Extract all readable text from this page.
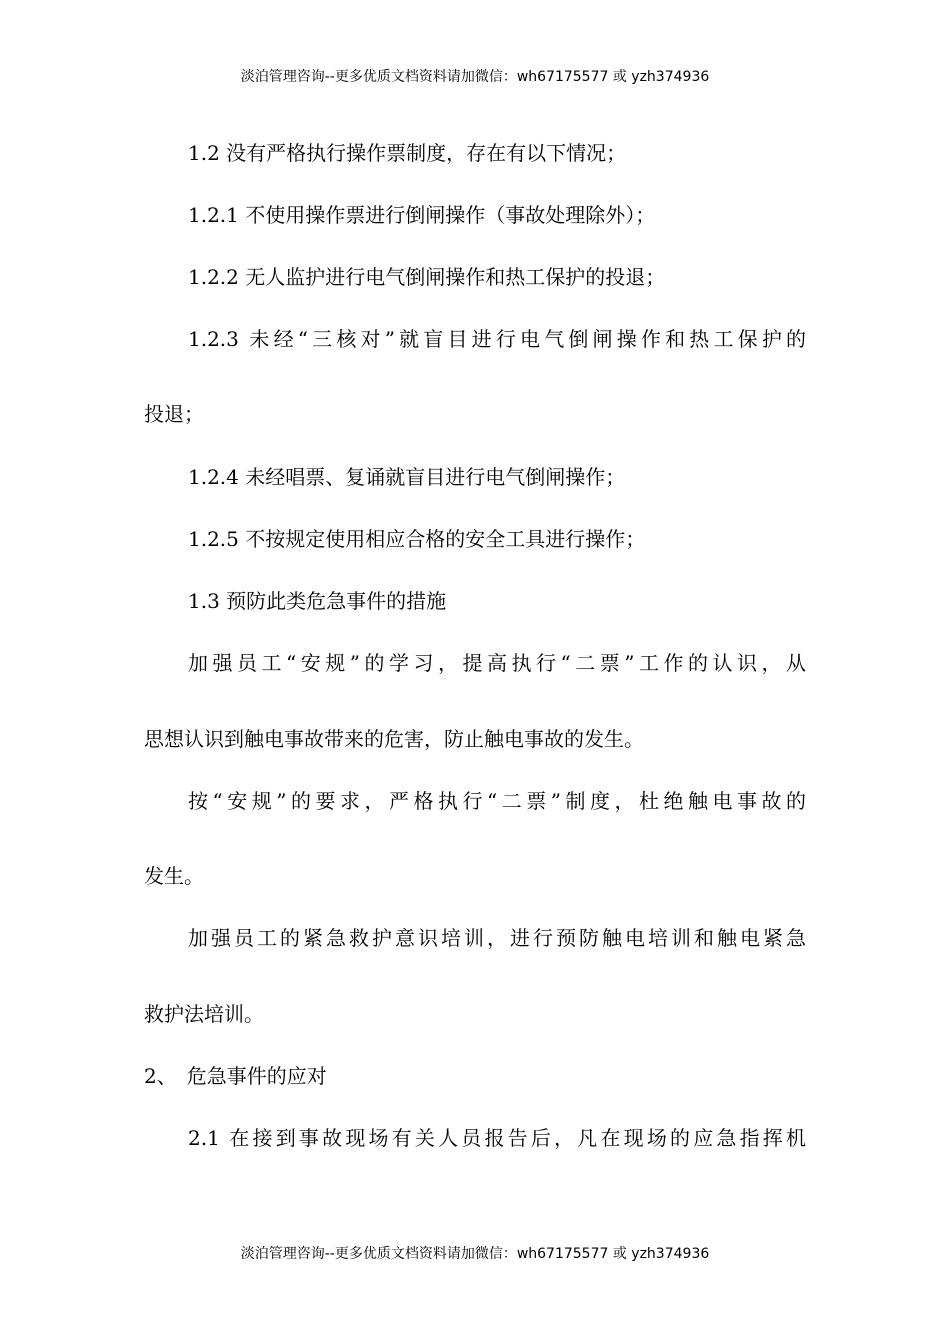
淡泊管理咨询--更多优质文档资料请加微信：wh67175577 或 yzh374936
1.2 没有严格执行操作票制度，存在有以下情况；
1.2.1 不使用操作票进行倒闸操作（事故处理除外）；
1.2.2 无人监护进行电气倒闸操作和热工保护的投退；
1.2.3 未经“三核对”就盲目进行电气倒闸操作和热工保护的
投退；
1.2.4 未经唱票、复诵就盲目进行电气倒闸操作；
1.2.5 不按规定使用相应合格的安全工具进行操作；
1.3 预防此类危急事件的措施
加强员工“安规”的学习，提高执行“二票”工作的认识，从
思想认识到触电事故带来的危害，防止触电事故的发生。
按“安规”的要求，严格执行“二票”制度，杜绝触电事故的
发生。
加强员工的紧急救护意识培训，进行预防触电培训和触电紧急
救护法培训。
2、　危急事件的应对
2.1 在接到事故现场有关人员报告后，凡在现场的应急指挥机
淡泊管理咨询--更多优质文档资料请加微信：wh67175577 或 yzh374936
